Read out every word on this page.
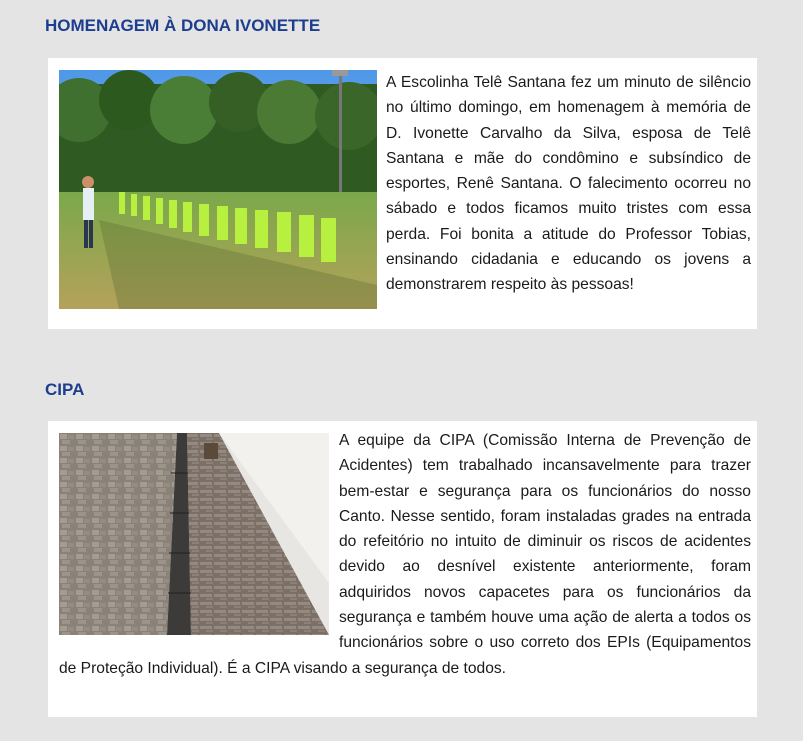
HOMENAGEM À DONA IVONETTE

A Escolinha Telê Santana fez um minuto de silêncio no último domingo, em homenagem à memória de D. Ivonette Carvalho da Silva, esposa de Telê Santana e mãe do condômino e subsíndico de esportes, Renê Santana. O falecimento ocorreu no sábado e todos ficamos muito tristes com essa perda. Foi bonita a atitude do Professor Tobias, ensinando cidadania e educando os jovens a demonstrarem respeito às pessoas!

CIPA

A equipe da CIPA (Comissão Interna de Prevenção de Acidentes) tem trabalhado incansavelmente para trazer bem-estar e segurança para os funcionários do nosso Canto. Nesse sentido, foram instaladas grades na entrada do refeitório no intuito de diminuir os riscos de acidentes devido ao desnível existente anteriormente, foram adquiridos novos capacetes para os funcionários da segurança e também houve uma ação de alerta a todos os funcionários sobre o uso correto dos EPIs (Equipamentos de Proteção Individual). É a CIPA visando a segurança de todos.
